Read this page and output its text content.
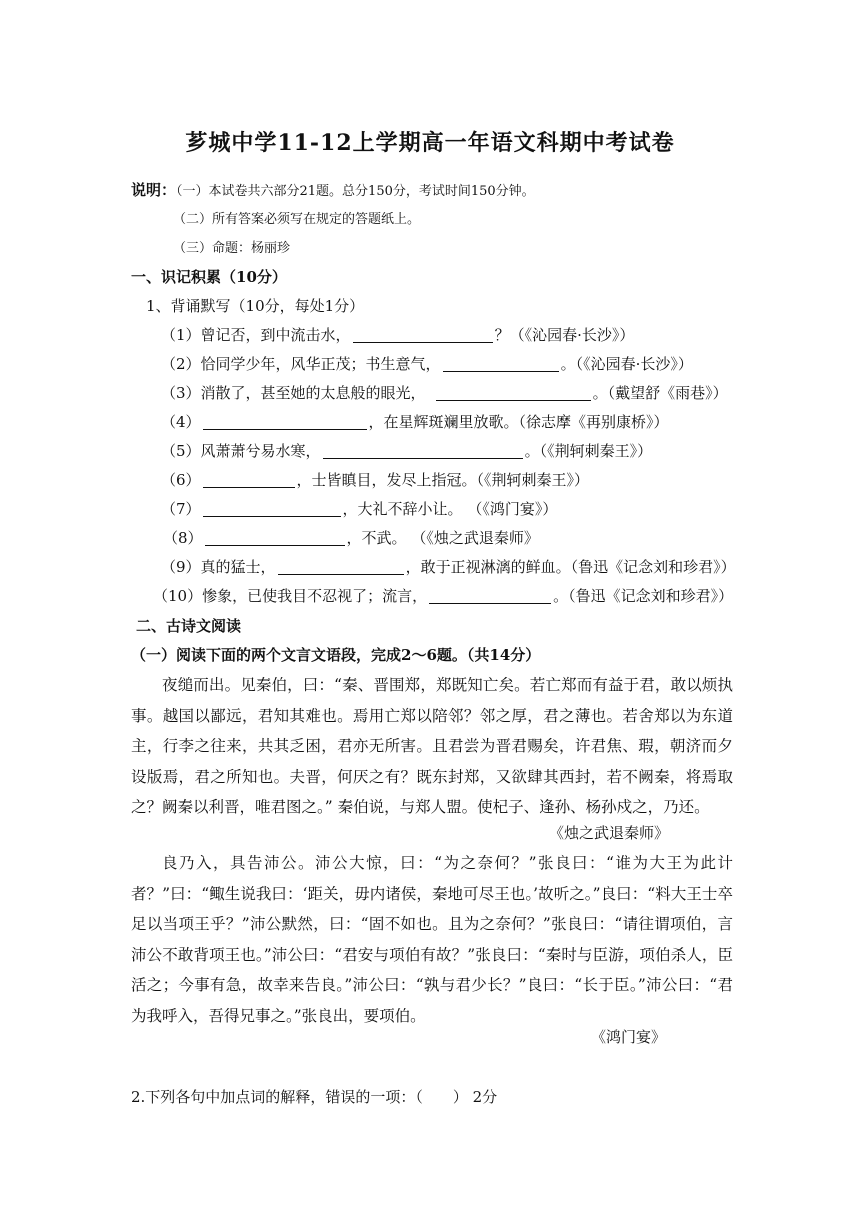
芗城中学11-12上学期高一年语文科期中考试卷
说明：（一）本试卷共六部分21题。总分150分，考试时间150分钟。
（二）所有答案必须写在规定的答题纸上。
（三）命题：杨丽珍
一、识记积累（10分）
1、背诵默写（10分，每处1分）
（1）曾记否，到中流击水，	？（《沁园春·长沙》）
（2）恰同学少年，风华正茂；书生意气，	。（《沁园春·长沙》）
（3）消散了，甚至她的太息般的眼光，	。（戴望舒《雨巷》）
（4）	，在星辉斑斓里放歌。（徐志摩《再别康桥》）
（5）风萧萧兮易水寒，	。（《荆轲刺秦王》）
（6）	，士皆瞋目，发尽上指冠。（《荆轲刺秦王》）
（7）	，大礼不辞小让。 （《鸿门宴》）
（8）	，不武。 （《烛之武退秦师》
（9）真的猛士，	，敢于正视淋漓的鲜血。（鲁迅《记念刘和珍君》）
（10）惨象，已使我目不忍视了；流言，	。（鲁迅《记念刘和珍君》）
二、古诗文阅读
（一）阅读下面的两个文言文语段，完成2～6题。（共14分）

夜缒而出。见秦伯，曰：“秦、晋围郑，郑既知亡矣。若亡郑而有益于君，敢以烦执事。越国以鄙远，君知其难也。焉用亡郑以陪邻？邻之厚，君之薄也。若舍郑以为东道主，行李之往来，共其乏困，君亦无所害。且君尝为晋君赐矣，许君焦、瑕，朝济而夕设版焉，君之所知也。夫晋，何厌之有？既东封郑，又欲肆其西封，若不阙秦，将焉取之？阙秦以利晋，唯君图之。” 秦伯说，与郑人盟。使杞子、逢孙、杨孙戍之，乃还。

《烛之武退秦师》

良乃入，具告沛公。沛公大惊，曰：“为之奈何？”张良曰：“谁为大王为此计者？”曰：“鲰生说我曰：‘距关，毋内诸侯，秦地可尽王也。’故听之。”良曰：“料大王士卒足以当项王乎？”沛公默然，曰：“固不如也。且为之奈何？”张良曰：“请往谓项伯，言沛公不敢背项王也。”沛公曰：“君安与项伯有故？”张良曰：“秦时与臣游，项伯杀人，臣活之；今事有急，故幸来告良。”沛公曰：“孰与君少长？”良曰：“长于臣。”沛公曰：“君为我呼入，吾得兄事之。”张良出，要项伯。

《鸿门宴》
2.下列各句中加点词的解释，错误的一项：（　　） 2分
